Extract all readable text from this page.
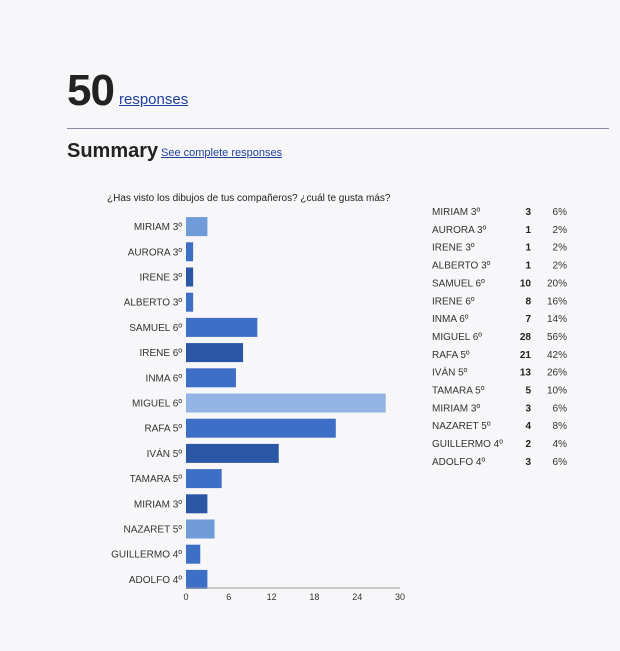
50 responses
Summary See complete responses
¿Has visto los dibujos de tus compañeros? ¿cuál te gusta más?
MIRIAM 3º
AURORA 3º
IRENE 3º
ALBERTO 3º
SAMUEL 6º
IRENE 6º
INMA 6º
MIGUEL 6º
RAFA 5º
IVÁN 5º
TAMARA 5º
MIRIAM 3º
NAZARET 5º
GUILLERMO 4º
ADOLFO 4º
0	6	12	18	24	30
MIRIAM 3º	3 6%
AURORA 3º	1 2%
IRENE 3º	1 2%
ALBERTO 3º	1 2%
SAMUEL 6º	10 20%
IRENE 6º	8 16%
INMA 6º	7 14%
MIGUEL 6º	28 56%
RAFA 5º	21 42%
IVÁN 5º	13 26%
TAMARA 5º	5 10%
MIRIAM 3º	3 6%
NAZARET 5º	4 8%
GUILLERMO 4º 2 4%
ADOLFO 4º	3 6%
